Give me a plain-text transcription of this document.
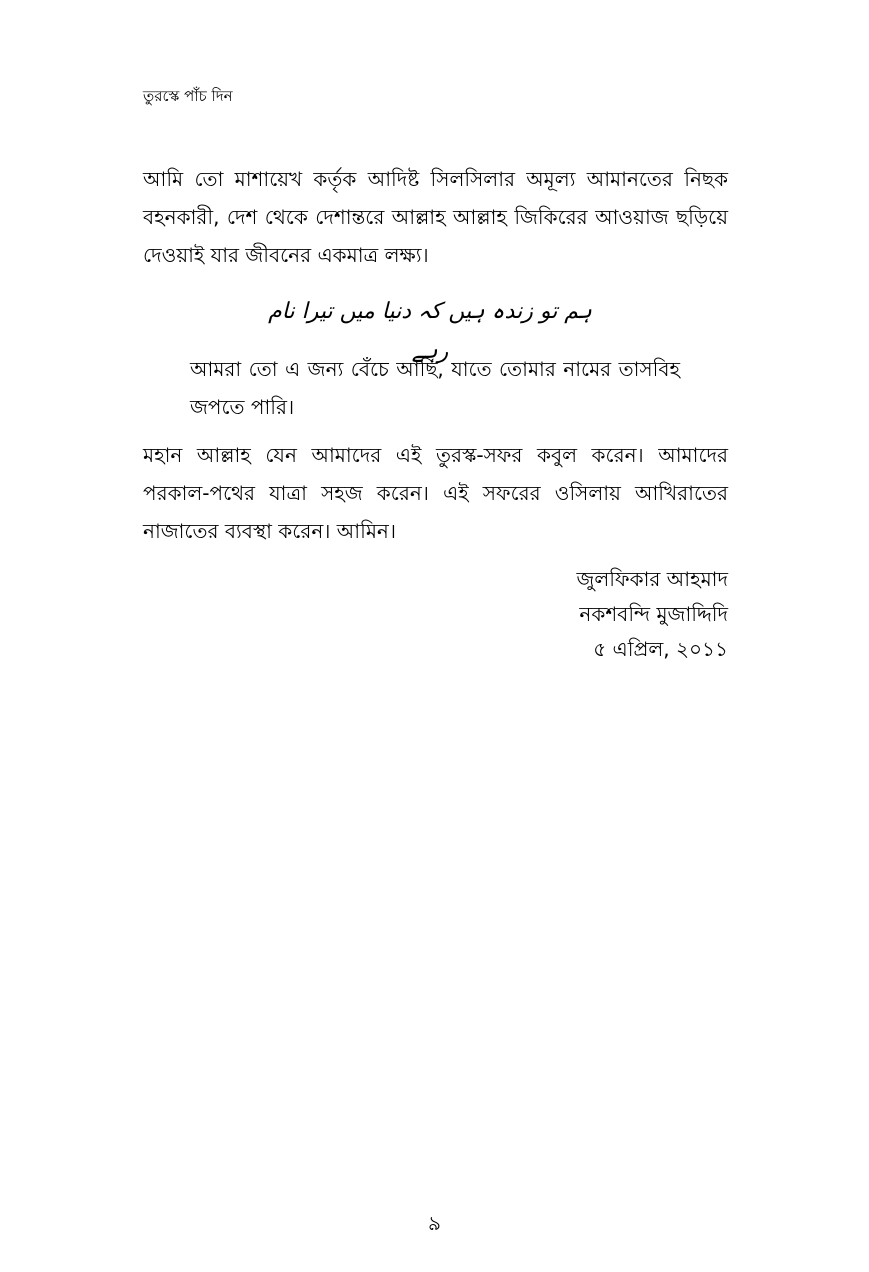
তুরস্কে পাঁচ দিন

আমি তো মাশায়েখ কর্তৃক আদিষ্ট সিলসিলার অমূল্য আমানতের নিছক বহনকারী, দেশ থেকে দেশান্তরে আল্লাহ আল্লাহ জিকিরের আওয়াজ ছড়িয়ে দেওয়াই যার জীবনের একমাত্র লক্ষ্য।

ہم تو زندہ ہیں کہ دنیا میں تیرا نام رہے

আমরা তো এ জন্য বেঁচে আছি, যাতে তোমার নামের তাসবিহ জপতে পারি।

মহান আল্লাহ যেন আমাদের এই তুরস্ক-সফর কবুল করেন। আমাদের পরকাল-পথের যাত্রা সহজ করেন। এই সফরের ওসিলায় আখিরাতের নাজাতের ব্যবস্থা করেন। আমিন।

জুলফিকার আহমাদ
নকশবন্দি মুজাদ্দিদি
৫ এপ্রিল, ২০১১
৯
